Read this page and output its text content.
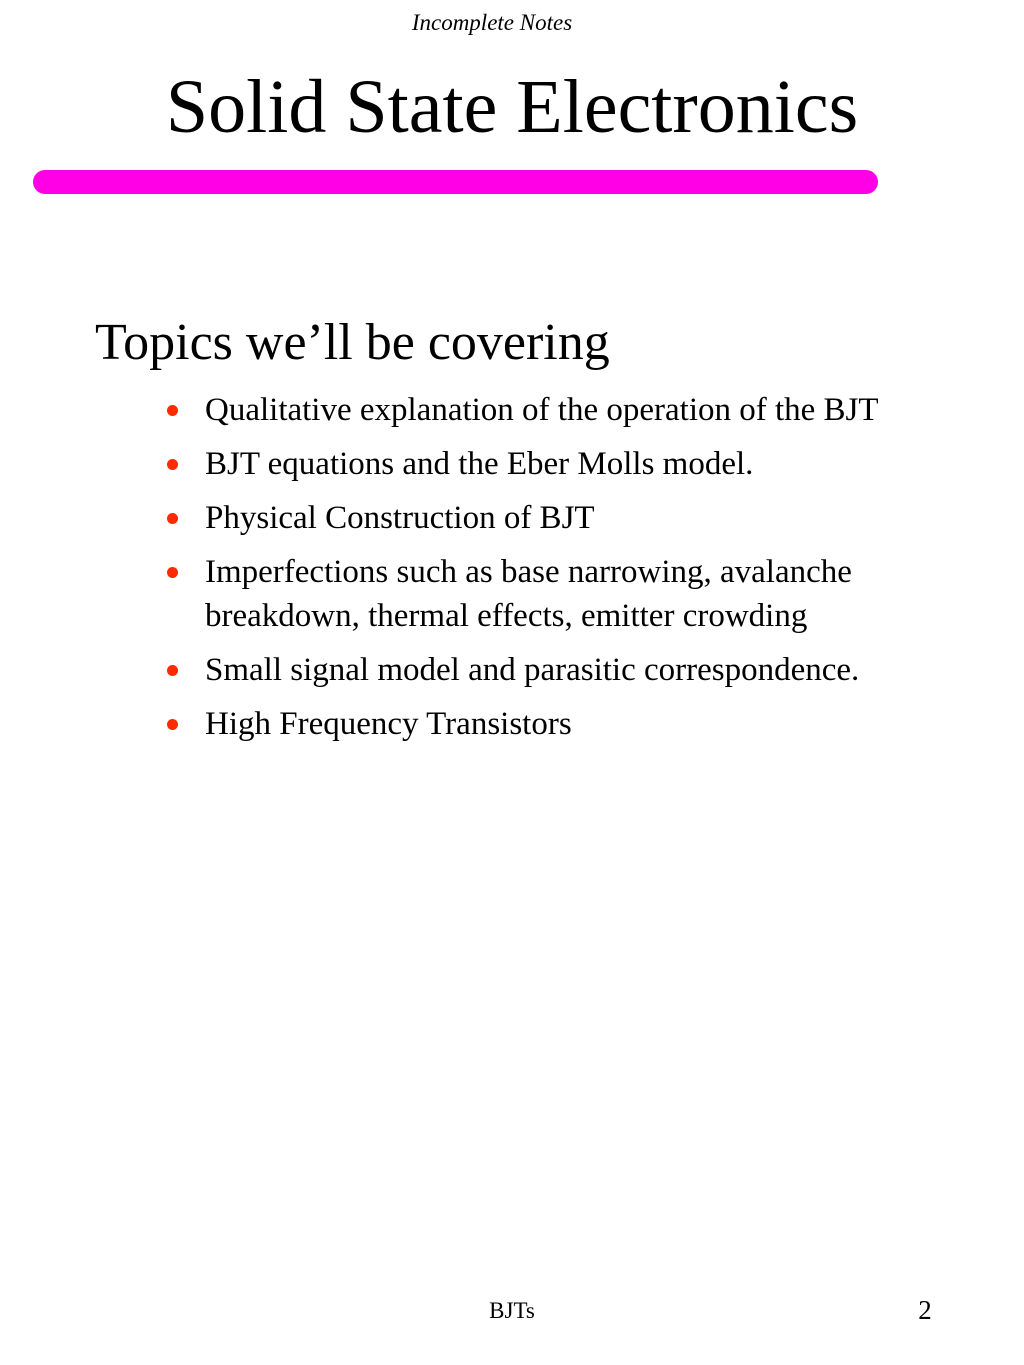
Incomplete Notes
Solid State Electronics
Topics we’ll be covering
Qualitative explanation of the operation of the BJT
BJT equations and the Eber Molls model.
Physical Construction of BJT
Imperfections such as base narrowing, avalanche breakdown, thermal effects, emitter crowding
Small signal model and parasitic correspondence.
High Frequency Transistors
BJTs	2
